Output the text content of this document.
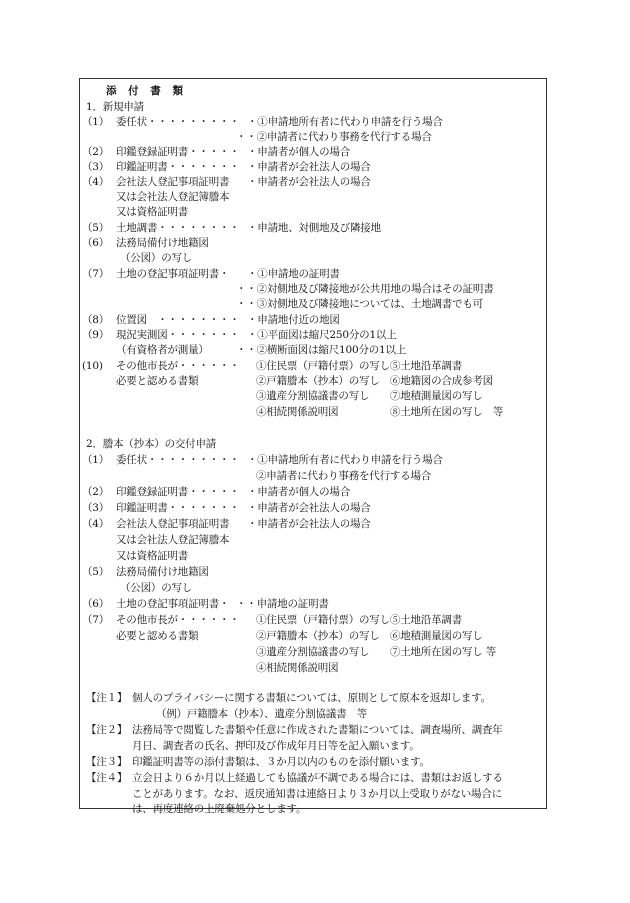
添 付 書 類
1．新規申請
（1） 委任状・・・・・・・・・ ・①申請地所有者に代わり申請を行う場合
・・②申請者に代わり事務を代行する場合
（2） 印鑑登録証明書・・・・・ ・申請者が個人の場合
（3） 印鑑証明書・・・・・・・ ・申請者が会社法人の場合
（4） 会社法人登記事項証明書 ・申請者が会社法人の場合
又は会社法人登記簿謄本
又は資格証明書
（5） 土地調書・・・・・・・・ ・申請地、対側地及び隣接地
（6） 法務局備付け地籍図
（公図）の写し
（7） 土地の登記事項証明書・ ・①申請地の証明書
・・②対側地及び隣接地が公共用地の場合はその証明書
・・③対側地及び隣接地については、土地調書でも可
（8） 位置図　・・・・・・・・ ・申請地付近の地図
（9） 現況実測図・・・・・・・ ・①平面図は縮尺250分の1以上
（有資格者が測量）	・・②横断面図は縮尺100分の1以上
(10) その他市長が・・・・・・ ①住民票（戸籍付票）の写し⑤土地沿革調書
必要と認める書類	②戸籍謄本（抄本）の写し　⑥地籍図の合成参考図
③遺産分割協議書の写し　　⑦地積測量図の写し
④相続関係説明図　　　　　⑧土地所在図の写し　等
2．謄本（抄本）の交付申請
（1） 委任状・・・・・・・・・ ・①申請地所有者に代わり申請を行う場合
②申請者に代わり事務を代行する場合
（2） 印鑑登録証明書・・・・・ ・申請者が個人の場合
（3） 印鑑証明書・・・・・・・ ・申請者が会社法人の場合
（4） 会社法人登記事項証明書 ・申請者が会社法人の場合
又は会社法人登記簿謄本
又は資格証明書
（5） 法務局備付け地籍図
（公図）の写し
（6） 土地の登記事項証明書・ ・・申請地の証明書
（7） その他市長が・・・・・・ ①住民票（戸籍付票）の写し⑤土地沿革調書
必要と認める書類	②戸籍謄本（抄本）の写し　⑥地積測量図の写し
③遺産分割協議書の写し　　⑦土地所在図の写し 等
④相続関係説明図
【注１】 個人のプライバシーに関する書類については、原則として原本を返却します。
（例）戸籍謄本（抄本）、遺産分割協議書　等
【注２】 法務局等で閲覧した書類や任意に作成された書類については、調査場所、調査年
月日、調査者の氏名、押印及び作成年月日等を記入願います。
【注３】 印鑑証明書等の添付書類は、３か月以内のものを添付願います。
【注４】 立会日より６か月以上経過しても協議が不調である場合には、書類はお返しする
ことがあります。なお、返戻通知書は連絡日より３か月以上受取りがない場合に
は、再度連絡の上廃棄処分とします。
